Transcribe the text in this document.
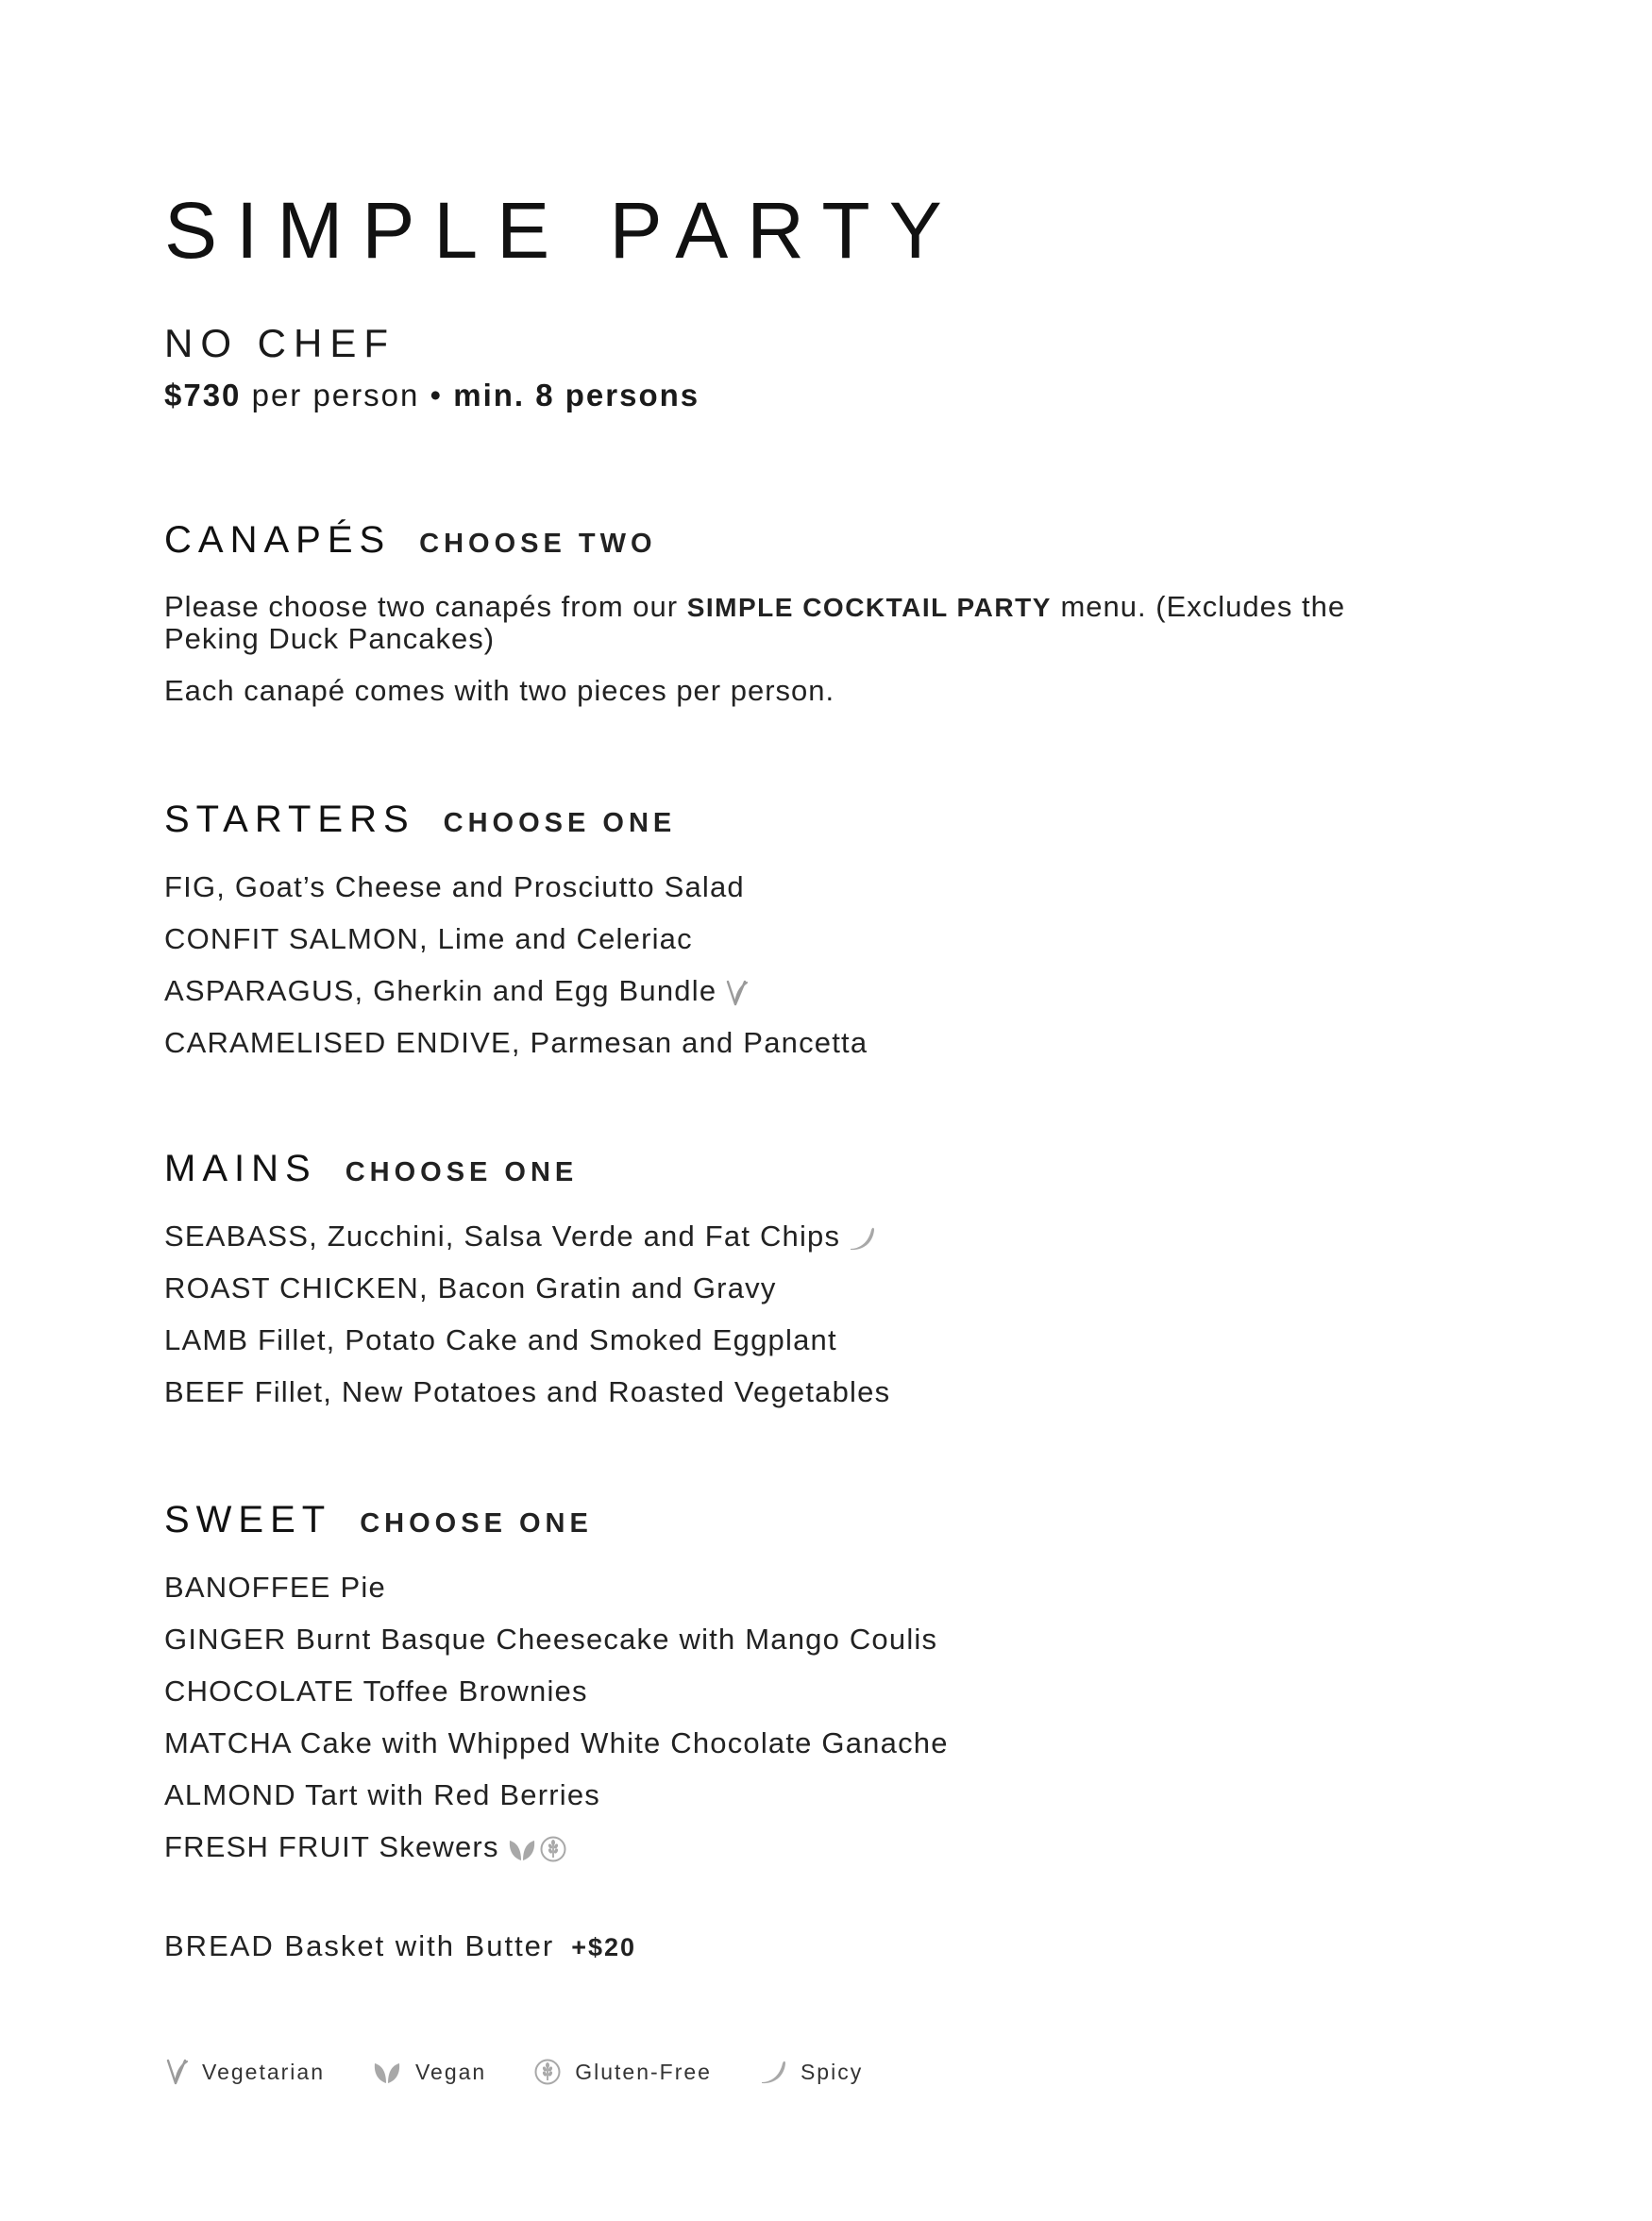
SIMPLE PARTY
NO CHEF
$730 per person • min. 8 persons
CANAPÉS CHOOSE TWO
Please choose two canapés from our SIMPLE COCKTAIL PARTY menu. (Excludes the Peking Duck Pancakes)
Each canapé comes with two pieces per person.
STARTERS CHOOSE ONE
FIG, Goat’s Cheese and Prosciutto Salad
CONFIT SALMON, Lime and Celeriac
ASPARAGUS, Gherkin and Egg Bundle
CARAMELISED ENDIVE, Parmesan and Pancetta
MAINS CHOOSE ONE
SEABASS, Zucchini, Salsa Verde and Fat Chips
ROAST CHICKEN, Bacon Gratin and Gravy
LAMB Fillet, Potato Cake and Smoked Eggplant
BEEF Fillet, New Potatoes and Roasted Vegetables
SWEET CHOOSE ONE
BANOFFEE Pie
GINGER Burnt Basque Cheesecake with Mango Coulis
CHOCOLATE Toffee Brownies
MATCHA Cake with Whipped White Chocolate Ganache
ALMOND Tart with Red Berries
FRESH FRUIT Skewers
BREAD Basket with Butter +$20
Vegetarian	Vegan	Gluten-Free	Spicy
